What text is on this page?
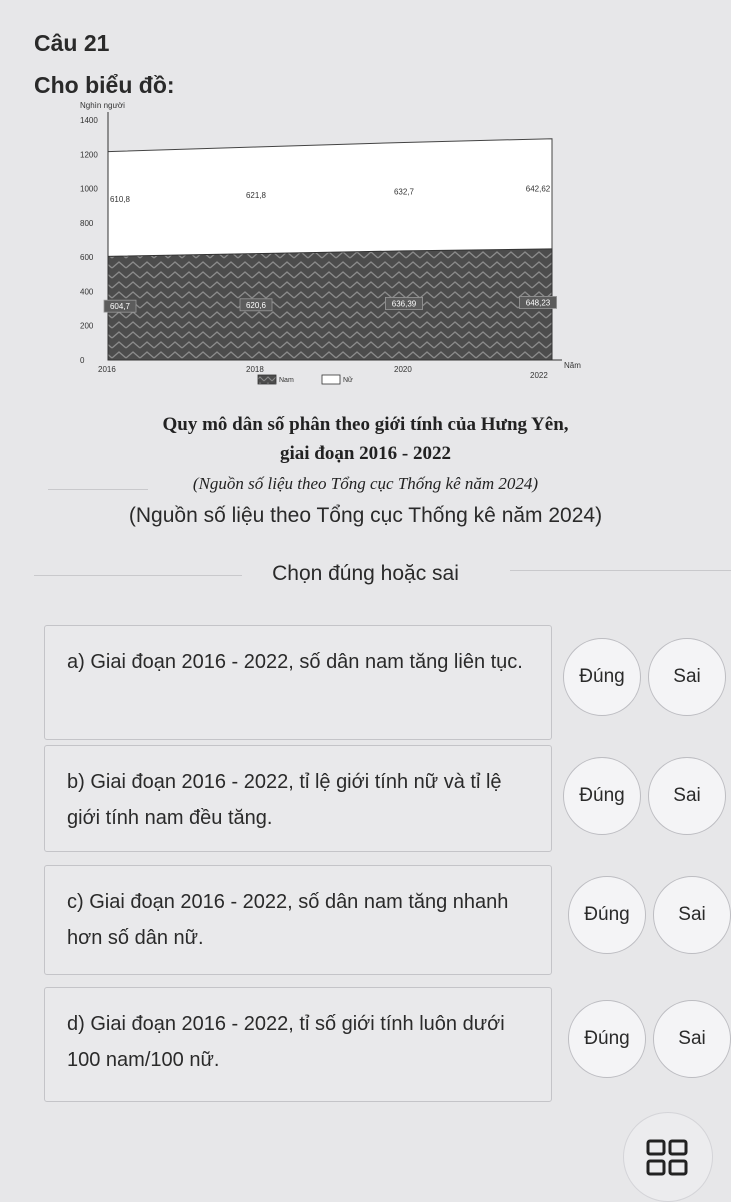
Câu 21
Cho biểu đồ:
0
200
400
600
800
1000
1200
1400
Nghìn người
Năm
2016	2018	2020
2022
604,7	620,6	636,39	648,23
610,8	621,8	632,7	642,62
Nam	Nữ
Quy mô dân số phân theo giới tính của Hưng Yên,
giai đoạn 2016 - 2022
(Nguồn số liệu theo Tổng cục Thống kê năm 2024)
(Nguồn số liệu theo Tổng cục Thống kê năm 2024)
Chọn đúng hoặc sai
a) Giai đoạn 2016 - 2022, số dân nam tăng liên tục.
Đúng	Sai
b) Giai đoạn 2016 - 2022, tỉ lệ giới tính nữ và tỉ lệ giới tính nam đều tăng.
Đúng	Sai
c) Giai đoạn 2016 - 2022, số dân nam tăng nhanh hơn số dân nữ.
Đúng	Sai
d) Giai đoạn 2016 - 2022, tỉ số giới tính luôn dưới 100 nam/100 nữ.
Đúng	Sai
